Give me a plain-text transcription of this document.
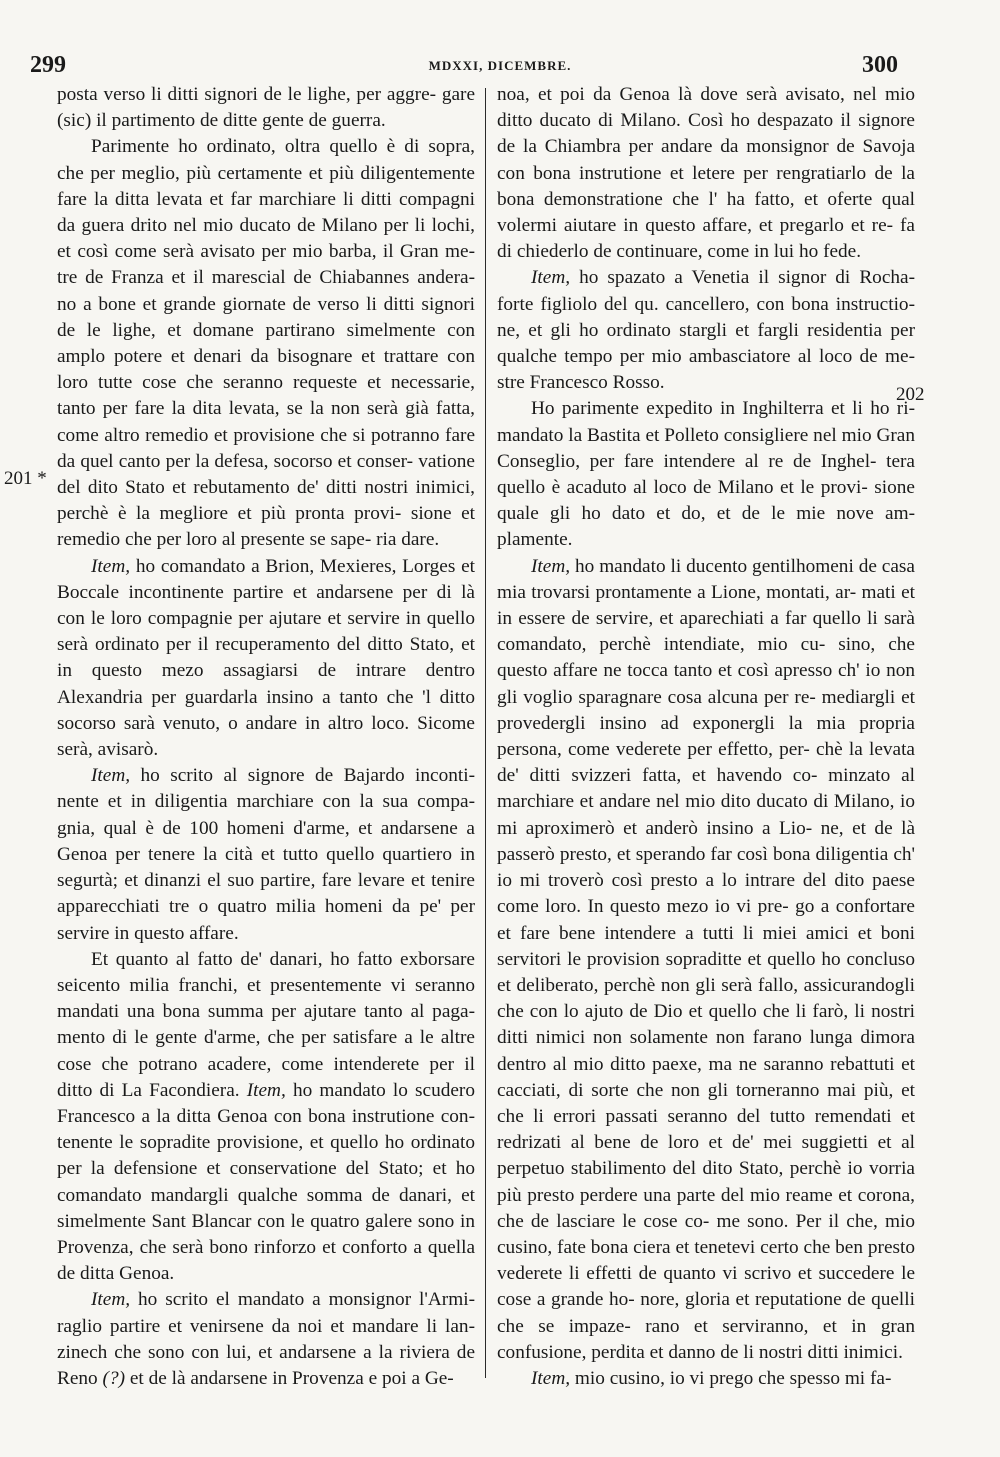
299	MDXXI, DICEMBRE.	300
201 *
202

posta verso li ditti signori de le lighe, per aggre- gare (sic) il partimento de ditte gente de guerra.

Parimente ho ordinato, oltra quello è di sopra, che per meglio, più certamente et più diligentemente fare la ditta levata et far marchiare li ditti compagni da guera drito nel mio ducato de Milano per li lochi, et così come serà avisato per mio barba, il Gran me- tre de Franza et il marescial de Chiabannes andera- no a bone et grande giornate de verso li ditti signori de le lighe, et domane partirano simelmente con amplo potere et denari da bisognare et trattare con loro tutte cose che seranno requeste et necessarie, tanto per fare la dita levata, se la non serà già fatta, come altro remedio et provisione che si potranno fare da quel canto per la defesa, socorso et conser- vatione del dito Stato et rebutamento de' ditti nostri inimici, perchè è la megliore et più pronta provi- sione et remedio che per loro al presente se sape- ria dare.

Item, ho comandato a Brion, Mexieres, Lorges et Boccale incontinente partire et andarsene per di là con le loro compagnie per ajutare et servire in quello serà ordinato per il recuperamento del ditto Stato, et in questo mezo assagiarsi de intrare dentro Alexandria per guardarla insino a tanto che 'l ditto socorso sarà venuto, o andare in altro loco. Sicome serà, avisarò.

Item, ho scrito al signore de Bajardo inconti- nente et in diligentia marchiare con la sua compa- gnia, qual è de 100 homeni d'arme, et andarsene a Genoa per tenere la cità et tutto quello quartiero in segurtà; et dinanzi el suo partire, fare levare et tenire apparecchiati tre o quatro milia homeni da pe' per servire in questo affare.

Et quanto al fatto de' danari, ho fatto exborsare seicento milia franchi, et presentemente vi seranno mandati una bona summa per ajutare tanto al paga- mento di le gente d'arme, che per satisfare a le altre cose che potrano acadere, come intenderete per il ditto di La Facondiera. Item, ho mandato lo scudero Francesco a la ditta Genoa con bona instrutione con- tenente le sopradite provisione, et quello ho ordinato per la defensione et conservatione del Stato; et ho comandato mandargli qualche somma de danari, et simelmente Sant Blancar con le quatro galere sono in Provenza, che serà bono rinforzo et conforto a quella de ditta Genoa.

Item, ho scrito el mandato a monsignor l'Armi- raglio partire et venirsene da noi et mandare li lan- zinech che sono con lui, et andarsene a la riviera de Reno (?) et de là andarsene in Provenza e poi a Ge-

noa, et poi da Genoa là dove serà avisato, nel mio ditto ducato di Milano. Così ho despazato il signore de la Chiambra per andare da monsignor de Savoja con bona instrutione et letere per rengratiarlo de la bona demonstratione che l' ha fatto, et oferte qual volermi aiutare in questo affare, et pregarlo et re- fa di chiederlo de continuare, come in lui ho fede.

Item, ho spazato a Venetia il signor di Rocha- forte figliolo del qu. cancellero, con bona instructio- ne, et gli ho ordinato stargli et fargli residentia per qualche tempo per mio ambasciatore al loco de me- stre Francesco Rosso.

Ho parimente expedito in Inghilterra et li ho ri- mandato la Bastita et Polleto consigliere nel mio Gran Conseglio, per fare intendere al re de Inghel- tera quello è acaduto al loco de Milano et le provi- sione quale gli ho dato et do, et de le mie nove am- plamente.

Item, ho mandato li ducento gentilhomeni de casa mia trovarsi prontamente a Lione, montati, ar- mati et in essere de servire, et aparechiati a far quello li sarà comandato, perchè intendiate, mio cu- sino, che questo affare ne tocca tanto et così apresso ch' io non gli voglio sparagnare cosa alcuna per re- mediargli et provedergli insino ad exponergli la mia propria persona, come vederete per effetto, per- chè la levata de' ditti svizzeri fatta, et havendo co- minzato al marchiare et andare nel mio dito ducato di Milano, io mi aproximerò et anderò insino a Lio- ne, et de là passerò presto, et sperando far così bona diligentia ch' io mi troverò così presto a lo intrare del dito paese come loro. In questo mezo io vi pre- go a confortare et fare bene intendere a tutti li miei amici et boni servitori le provision sopraditte et quello ho concluso et deliberato, perchè non gli serà fallo, assicurandogli che con lo ajuto de Dio et quello che li farò, li nostri ditti nimici non solamente non farano lunga dimora dentro al mio ditto paexe, ma ne saranno rebattuti et cacciati, di sorte che non gli torneranno mai più, et che li errori passati seranno del tutto remendati et redrizati al bene de loro et de' mei suggietti et al perpetuo stabilimento del dito Stato, perchè io vorria più presto perdere una parte del mio reame et corona, che de lasciare le cose co- me sono. Per il che, mio cusino, fate bona ciera et tenetevi certo che ben presto vederete li effetti de quanto vi scrivo et succedere le cose a grande ho- nore, gloria et reputatione de quelli che se impaze- rano et serviranno, et in gran confusione, perdita et danno de li nostri ditti inimici.

Item, mio cusino, io vi prego che spesso mi fa-
